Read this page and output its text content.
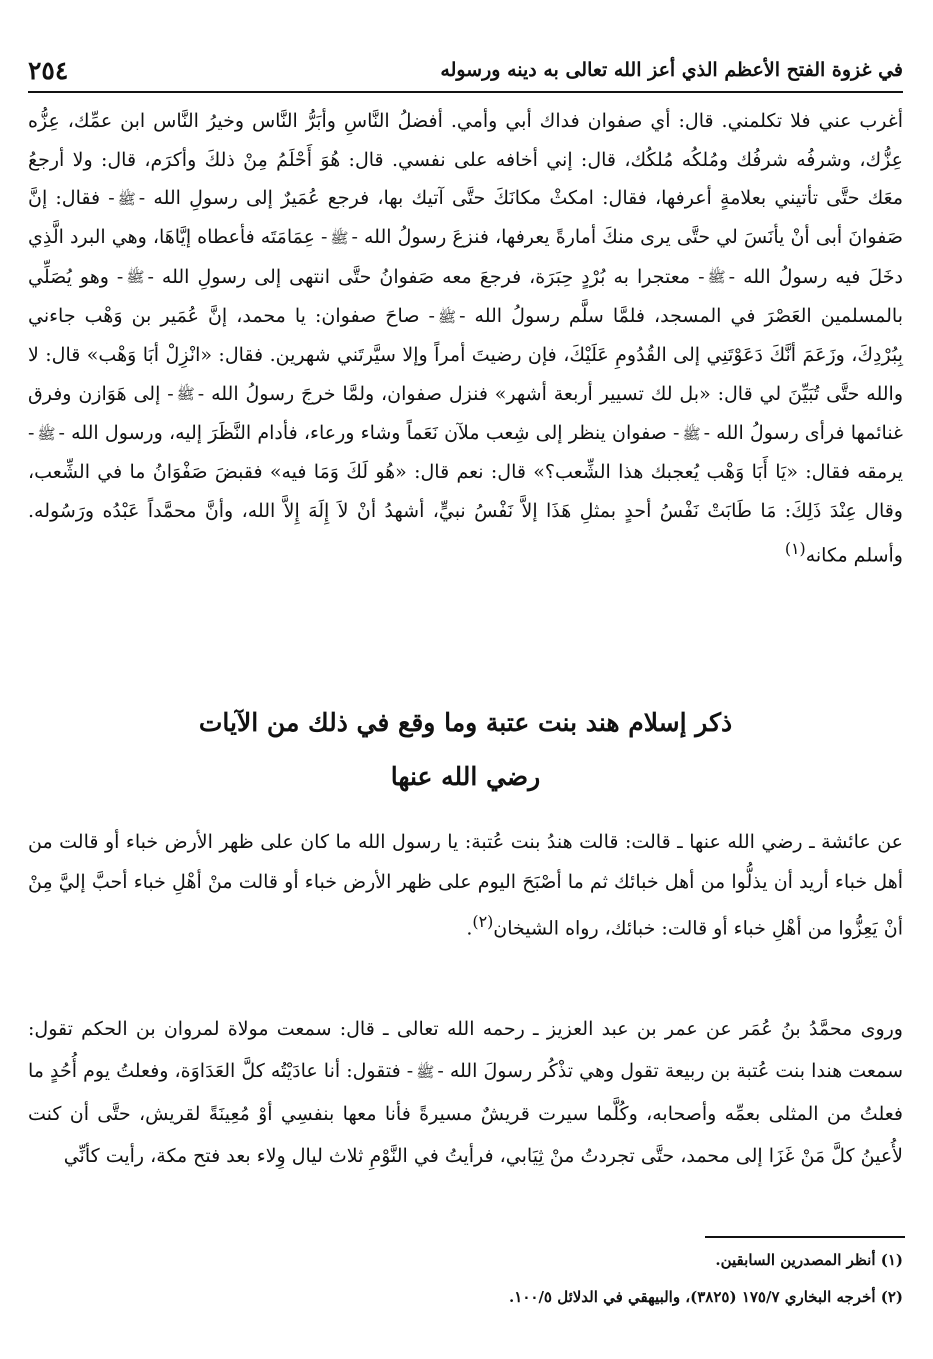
في غزوة الفتح الأعظم الذي أعز الله تعالى به دينه ورسوله
٢٥٤

أغرب عني فلا تكلمني. قال: أي صفوان فداك أبي وأمي. أفضلُ النَّاسِ وأبَرُّ النَّاس وخيرُ النَّاس ابن عمِّك، عِزُّه عِزُّك، وشرفُه شرفُك ومُلكُه مُلكُك، قال: إني أخافه على نفسي. قال: هُوَ أَحْلَمُ مِنْ ذلكَ وأكرَم، قال: ولا أرجعُ معَك حتَّى تأتيني بعلامةٍ أعرفها، فقال: امكثْ مكانَكَ حتَّى آتيك بها، فرجع عُمَيرٌ إلى رسولِ الله -ﷺ- فقال: إنَّ صَفوانَ أبى أنْ يأنَسَ لي حتَّى يرى منكَ أمارةً يعرفها، فنزعَ رسولُ الله -ﷺ- عِمَامَتَه فأعطاه إيَّاهَا، وهي البرد الَّذِي دخَلَ فيه رسولُ الله -ﷺ- معتجرا به بُرْدٍ حِبَرَة، فرجعَ معه صَفوانُ حتَّى انتهى إلى رسولِ الله -ﷺ- وهو يُصَلِّي بالمسلمين العَصْرَ في المسجد، فلمَّا سلَّم رسولُ الله -ﷺ- صاحَ صفوان: يا محمد، إنَّ عُمَير بن وَهْب جاءني بِبُرْدِكَ، وزَعَمَ أنَّكَ دَعَوْتَنِي إلى القُدُومِ عَلَيْكَ، فإن رضيتَ أمراً وإلا سيَّرتَني شهرين. فقال: «انْزِلْ أبَا وَهْب» قال: لا والله حتَّى تُبَيِّنَ لي قال: «بل لك تسيير أربعة أشهر» فنزل صفوان، ولمَّا خرجَ رسولُ الله -ﷺ- إلى هَوَازن وفرق غنائمها فرأى رسولُ الله -ﷺ- صفوان ينظر إلى شِعب ملآن نَعَماً وشاء ورعاء، فأدام النَّظَرَ إليه، ورسول الله -ﷺ- يرمقه فقال: «يَا أَبَا وَهْب يُعجبك هذا الشِّعب؟» قال: نعم قال: «هُو لَكَ وَمَا فيه» فقبضَ صَفْوَانُ ما في الشِّعب، وقال عِنْدَ ذَلِكَ: مَا طَابَتْ نَفْسُ أحدٍ بمثلِ هَذَا إلاَّ نَفْسُ نبيٍّ، أشهدُ أنْ لاَ إِلَهَ إِلاَّ الله، وأنَّ محمَّداً عَبْدُه ورَسُوله. وأسلم مكانه$^{(١)}$

ذكر إسلام هند بنت عتبة وما وقع في ذلك من الآيات
رضي الله عنها

عن عائشة ـ رضي الله عنها ـ قالت: قالت هندُ بنت عُتبة: يا رسول الله ما كان على ظهر الأرض خباء أو قالت من أهل خباء أريد أن يذلُّوا من أهل خبائك ثم ما أصْبَحَ اليوم على ظهر الأرض خباء أو قالت منْ أهْلِ خباء أحبَّ إليَّ مِنْ أنْ يَعِزُّوا من أهْلِ خباء أو قالت: خبائك، رواه الشيخان$^{(٢)}$.

وروى محمَّدُ بنُ عُمَر عن عمر بن عبد العزيز ـ رحمه الله تعالى ـ قال: سمعت مولاة لمروان بن الحكم تقول: سمعت هندا بنت عُتبة بن ربيعة تقول وهي تذْكُر رسولَ الله -ﷺ- فتقول: أنا عادَيْتُه كلَّ العَدَاوَة، وفعلتُ يوم أُحُدٍ ما فعلتُ من المثلى بعمِّه وأصحابه، وكُلَّما سيرت قريشٌ مسيرةً فأنا معها بنفسِي أوْ مُعِينَةً لقريش، حتَّى أن كنت لأُعينُ كلَّ مَنْ غَزَا إلى محمد، حتَّى تجردتُ منْ ثِيَابي، فرأيتُ في النَّوْمِ ثلاث ليال وِلاء بعد فتح مكة، رأيت كأنِّي

(١) أنظر المصدرين السابقين.

(٢) أخرجه البخاري ١٧٥/٧ (٣٨٢٥)، والبيهقي في الدلائل ١٠٠/٥.
